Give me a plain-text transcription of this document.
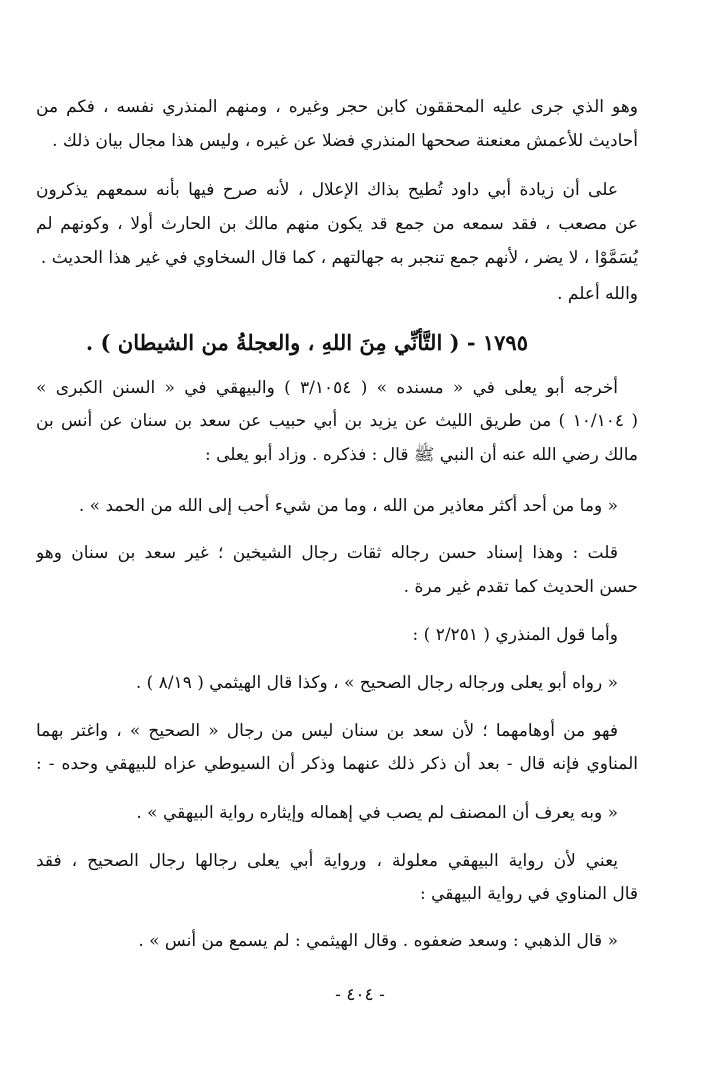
وهو الذي جرى عليه المحققون كابن حجر وغيره ، ومنهم المنذري نفسه ، فكم من
أحاديث للأعمش معنعنة صححها المنذري فضلا عن غيره ، وليس هذا مجال بيان ذلك .
على أن زيادة أبي داود تُطيح بذاك الإعلال ، لأنه صرح فيها بأنه سمعهم يذكرون
عن مصعب ، فقد سمعه من جمع قد يكون منهم مالك بن الحارث أولا ، وكونهم لم
يُسَمَّوْا ، لا يضر ، لأنهم جمع تنجبر به جهالتهم ، كما قال السخاوي في غير هذا الحديث .
والله أعلم .
١٧٩٥ - ( التَّأنِّي مِنَ اللهِ ، والعجلةُ من الشيطان ) .
أخرجه أبو يعلى في « مسنده » ( ٣/١٠٥٤ ) والبيهقي في « السنن الكبرى »
( ١٠/١٠٤ ) من طريق الليث عن يزيد بن أبي حبيب عن سعد بن سنان عن أنس بن
مالك رضي الله عنه أن النبي ﷺ قال : فذكره . وزاد أبو يعلى :
« وما من أحد أكثر معاذير من الله ، وما من شيء أحب إلى الله من الحمد » .
قلت : وهذا إسناد حسن رجاله ثقات رجال الشيخين ؛ غير سعد بن سنان وهو
حسن الحديث كما تقدم غير مرة .
وأما قول المنذري ( ٢/٢٥١ ) :
« رواه أبو يعلى ورجاله رجال الصحيح » ، وكذا قال الهيثمي ( ٨/١٩ ) .
فهو من أوهامهما ؛ لأن سعد بن سنان ليس من رجال « الصحيح » ، واغتر بهما
المناوي فإنه قال - بعد أن ذكر ذلك عنهما وذكر أن السيوطي عزاه للبيهقي وحده - :
« وبه يعرف أن المصنف لم يصب في إهماله وإيثاره رواية البيهقي » .
يعني لأن رواية البيهقي معلولة ، ورواية أبي يعلى رجالها رجال الصحيح ، فقد
قال المناوي في رواية البيهقي :
« قال الذهبي : وسعد ضعفوه . وقال الهيثمي : لم يسمع من أنس » .
- ٤٠٤ -
